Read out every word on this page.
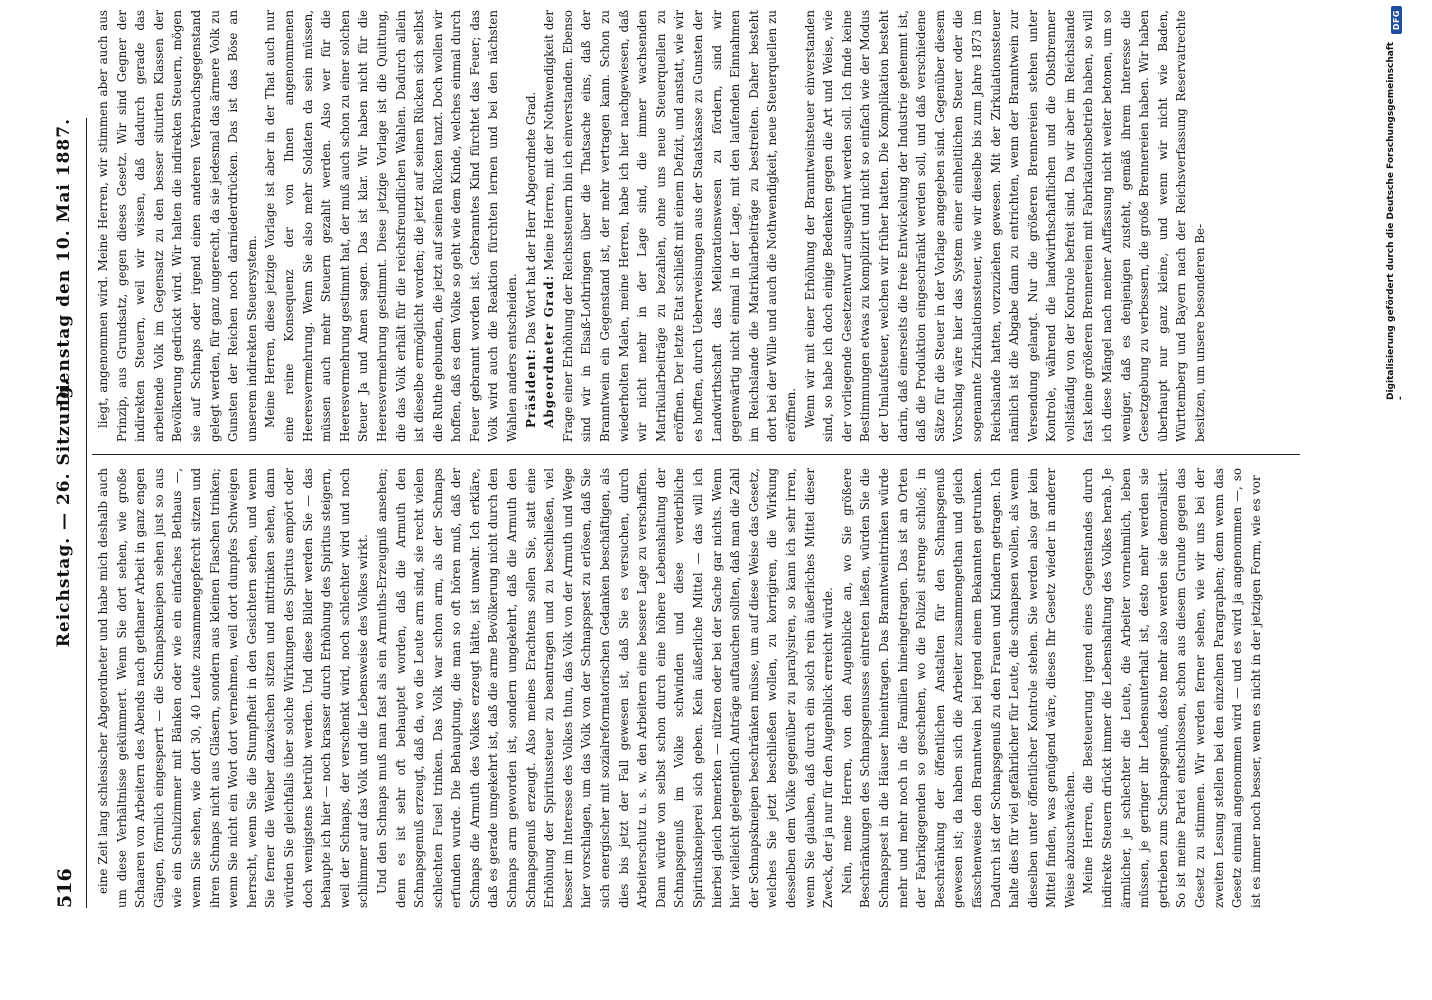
516
Reichstag. — 26. Sitzung.
Dienstag den 10. Mai 1887.

eine Zeit lang schlesischer Abgeordneter und habe mich deshalb auch um diese Verhältnisse gekümmert. Wenn Sie dort sehen, wie große Schaaren von Arbeitern des Abends nach gethaner Arbeit in ganz engen Gängen, förmlich eingesperrt — die Schnapskneipen sehen just so aus wie ein Schulzimmer mit Bänken oder wie ein einfaches Bethaus —, wenn Sie sehen, wie dort 30, 40 Leute zusammengepfercht sitzen und ihren Schnaps nicht aus Gläsern, sondern aus kleinen Flaschen trinken; wenn Sie nicht ein Wort dort vernehmen, weil dort dumpfes Schweigen herrscht, wenn Sie die Stumpfheit in den Gesichtern sehen, und wenn Sie ferner die Weiber dazwischen sitzen und mittrinken sehen, dann würden Sie gleichfalls über solche Wirkungen des Spiritus empört oder doch wenigstens betrübt werden. Und diese Bilder werden Sie — das behaupte ich hier — noch krasser durch Erhöhung des Spiritus steigern, weil der Schnaps, der verschenkt wird, noch schlechter wird und noch schlimmer auf das Volk und die Lebensweise des Volkes wirkt. Und den Schnaps muß man fast als ein Armuths-Erzeugniß ansehen; denn es ist sehr oft behauptet worden, daß die Armuth den Schnapsgenuß erzeugt, daß da, wo die Leute arm sind, sie recht vielen schlechten Fusel trinken. Das Volk war schon arm, als der Schnaps erfunden wurde. Die Behauptung, die man so oft hören muß, daß der Schnaps die Armuth des Volkes erzeugt hätte, ist unwahr. Ich erkläre, daß es gerade umgekehrt ist, daß die arme Bevölkerung nicht durch den Schnaps arm geworden ist, sondern umgekehrt, daß die Armuth den Schnapsgenuß erzeugt. Also meines Erachtens sollen Sie, statt eine Erhöhung der Spiritussteuer zu beantragen und zu beschließen, viel besser im Interesse des Volkes thun, das Volk von der Armuth und Wege hier vorschlagen, um das Volk von der Schnapspest zu erlösen, daß Sie sich energischer mit sozialreformatorischen Gedanken beschäftigen, als dies bis jetzt der Fall gewesen ist, daß Sie es versuchen, durch Arbeiterschutz u. s. w. den Arbeitern eine bessere Lage zu verschaffen. Dann würde von selbst schon durch eine höhere Lebenshaltung der Schnapsgenuß im Volke schwinden und diese verderbliche Spirituskneiperei sich geben. Kein äußerliche Mittel — das will ich hierbei gleich bemerken — nützen oder bei der Sache gar nichts. Wenn hier vielleicht gelegentlich Anträge auftauchen sollten, daß man die Zahl der Schnapskneipen beschränken müsse, um auf diese Weise das Gesetz, welches Sie jetzt beschließen wollen, zu korrigiren, die Wirkung desselben dem Volke gegenüber zu paralysiren, so kann ich sehr irren, wenn Sie glauben, daß durch ein solch rein äußerliches Mittel dieser Zweck, der ja nur für den Augenblick erreicht würde. Nein, meine Herren, von den Augenblicke an, wo Sie größere Beschränkungen des Schnapsgenusses eintreten ließen, würden Sie die Schnapspest in die Häuser hineintragen. Das Branntweintrinken würde mehr und mehr noch in die Familien hineingetragen. Das ist an Orten der Fabrikgegenden so geschehen, wo die Polizei strenge schloß; in Beschränkung der öffentlichen Anstalten für den Schnapsgenuß gewesen ist; da haben sich die Arbeiter zusammengethan und gleich fässchenweise den Branntwein bei irgend einem Bekannten getrunken. Dadurch ist der Schnapsgenuß zu den Frauen und Kindern getragen. Ich halte dies für viel gefährlicher für Leute, die schnapsen wollen, als wenn dieselben unter öffentlicher Kontrole stehen. Sie werden also gar kein Mittel finden, was genügend wäre, dieses Ihr Gesetz wieder in anderer Weise abzuschwächen. Meine Herren, die Besteuerung irgend eines Gegenstandes durch indirekte Steuern drückt immer die Lebenshaltung des Volkes herab. Je ärmlicher, je schlechter die Leute, die Arbeiter vornehmlich, leben müssen, je geringer ihr Lebensunterhalt ist, desto mehr werden sie getrieben zum Schnapsgenuß, desto mehr also werden sie demoralisirt. So ist meine Partei entschlossen, schon aus diesem Grunde gegen das Gesetz zu stimmen. Wir werden ferner sehen, wie wir uns bei der zweiten Lesung stellen bei den einzelnen Paragraphen; denn wenn das Gesetz einmal angenommen wird — und es wird ja angenommen —, so ist es immer noch besser, wenn es nicht in der jetzigen Form, wie es vor

liegt, angenommen wird. Meine Herren, wir stimmen aber auch aus Prinzip, aus Grundsatz, gegen dieses Gesetz. Wir sind Gegner der indirekten Steuern, weil wir wissen, daß dadurch gerade das arbeitende Volk im Gegensatz zu den besser situirten Klassen der Bevölkerung gedrückt wird. Wir halten die indirekten Steuern, mögen sie auf Schnaps oder irgend einen anderen Verbrauchsgegenstand gelegt werden, für ganz ungerecht, da sie jedesmal das ärmere Volk zu Gunsten der Reichen noch darniederdrücken. Das ist das Böse an unserem indirekten Steuersystem. Meine Herren, diese jetzige Vorlage ist aber in der That auch nur eine reine Konsequenz der von Ihnen angenommenen Heeresvermehrung. Wenn Sie also mehr Soldaten da sein müssen, müssen auch mehr Steuern gezahlt werden. Also wer für die Heeresvermehrung gestimmt hat, der muß auch schon zu einer solchen Steuer Ja und Amen sagen. Das ist klar. Wir haben nicht für die Heeresvermehrung gestimmt. Diese jetzige Vorlage ist die Quittung, die das Volk erhält für die reichsfreundlichen Wahlen. Dadurch allein ist dieselbe ermöglicht worden; die jetzt auf seinen Rücken sich selbst die Ruthe gebunden, die jetzt auf seinen Rücken tanzt. Doch wollen wir hoffen, daß es dem Volke so geht wie dem Kinde, welches einmal durch Feuer gebrannt worden ist. Gebranntes Kind fürchtet das Feuer; das Volk wird auch die Reaktion fürchten lernen und bei den nächsten Wahlen anders entscheiden. Präsident: Das Wort hat der Herr Abgeordnete Grad.

Abgeordneter Grad: Meine Herren, mit der Nothwendigkeit der Frage einer Erhöhung der Reichssteuern bin ich einverstanden. Ebenso sind wir in Elsaß-Lothringen über die Thatsache eins, daß der Branntwein ein Gegenstand ist, der mehr vertragen kann. Schon zu wiederholten Malen, meine Herren, habe ich hier nachgewiesen, daß wir nicht mehr in der Lage sind, die immer wachsenden Matrikularbeiträge zu bezahlen, ohne uns neue Steuerquellen zu eröffnen. Der letzte Etat schließt mit einem Defizit, und anstatt, wie wir es hofften, durch Ueberweisungen aus der Staatskasse zu Gunsten der Landwirthschaft das Meliorationswesen zu fördern, sind wir gegenwärtig nicht einmal in der Lage, mit den laufenden Einnahmen im Reichslande die Matrikularbeiträge zu bestreiten. Daher besteht dort bei der Wille und auch die Nothwendigkeit, neue Steuerquellen zu eröffnen. Wenn wir mit einer Erhöhung der Branntweinsteuer einverstanden sind, so habe ich doch einige Bedenken gegen die Art und Weise, wie der vorliegende Gesetzentwurf ausgeführt werden soll. Ich finde keine Bestimmungen etwas zu komplizirt und nicht so einfach wie der Modus der Umlaufsteuer, welchen wir früher hatten. Die Komplikation besteht darin, daß einerseits die freie Entwickelung der Industrie gehemmt ist, daß die Produktion eingeschränkt werden soll, und daß verschiedene Sätze für die Steuer in der Vorlage angegeben sind. Gegenüber diesem Vorschlag wäre hier das System einer einheitlichen Steuer oder die sogenannte Zirkulationssteuer, wie wir dieselbe bis zum Jahre 1873 im Reichslande hatten, vorzuziehen gewesen. Mit der Zirkulationssteuer nämlich ist die Abgabe dann zu entrichten, wenn der Branntwein zur Versendung gelangt. Nur die größeren Brennereien stehen unter Kontrole, während die landwirthschaftlichen und die Obstbrenner vollständig von der Kontrole befreit sind. Da wir aber im Reichslande fast keine größeren Brennereien mit Fabrikationsbetrieb haben, so will ich diese Mängel nach meiner Auffassung nicht weiter betonen, um so weniger, daß es denjenigen zusteht, gemäß ihrem Interesse die Gesetzgebung zu verbessern, die große Brennereien haben. Wir haben überhaupt nur ganz kleine, und wenn wir nicht wie Baden, Württemberg und Bayern nach der Reichsverfassung Reservatrechte besitzen, um unsere besonderen Be-	Digitalisierung gefördert durch die Deutsche Forschungsgemeinschaft -
DFG
